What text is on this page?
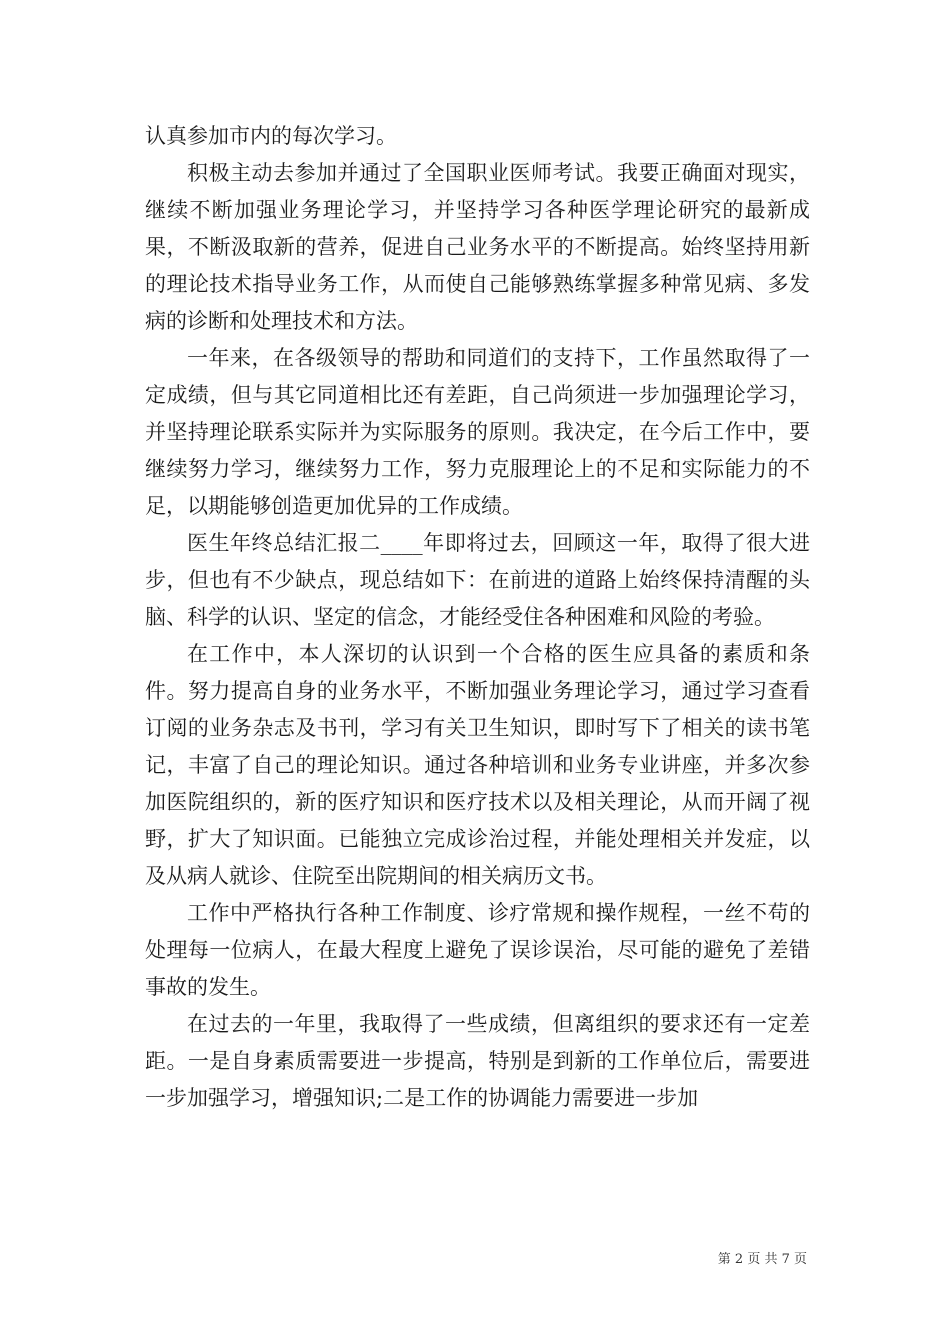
认真参加市内的每次学习。

积极主动去参加并通过了全国职业医师考试。我要正确面对现实，继续不断加强业务理论学习，并坚持学习各种医学理论研究的最新成果，不断汲取新的营养，促进自己业务水平的不断提高。始终坚持用新的理论技术指导业务工作，从而使自己能够熟练掌握多种常见病、多发病的诊断和处理技术和方法。

一年来，在各级领导的帮助和同道们的支持下，工作虽然取得了一定成绩，但与其它同道相比还有差距，自己尚须进一步加强理论学习，并坚持理论联系实际并为实际服务的原则。我决定，在今后工作中，要继续努力学习，继续努力工作，努力克服理论上的不足和实际能力的不足，以期能够创造更加优异的工作成绩。

医生年终总结汇报二____年即将过去，回顾这一年，取得了很大进步，但也有不少缺点，现总结如下：在前进的道路上始终保持清醒的头脑、科学的认识、坚定的信念，才能经受住各种困难和风险的考验。

在工作中，本人深切的认识到一个合格的医生应具备的素质和条件。努力提高自身的业务水平，不断加强业务理论学习，通过学习查看订阅的业务杂志及书刊，学习有关卫生知识，即时写下了相关的读书笔记，丰富了自己的理论知识。通过各种培训和业务专业讲座，并多次参加医院组织的，新的医疗知识和医疗技术以及相关理论，从而开阔了视野，扩大了知识面。已能独立完成诊治过程，并能处理相关并发症，以及从病人就诊、住院至出院期间的相关病历文书。

工作中严格执行各种工作制度、诊疗常规和操作规程，一丝不苟的处理每一位病人，在最大程度上避免了误诊误治，尽可能的避免了差错事故的发生。

在过去的一年里，我取得了一些成绩，但离组织的要求还有一定差距。一是自身素质需要进一步提高，特别是到新的工作单位后，需要进一步加强学习，增强知识;二是工作的协调能力需要进一步加

第 2 页 共 7 页
